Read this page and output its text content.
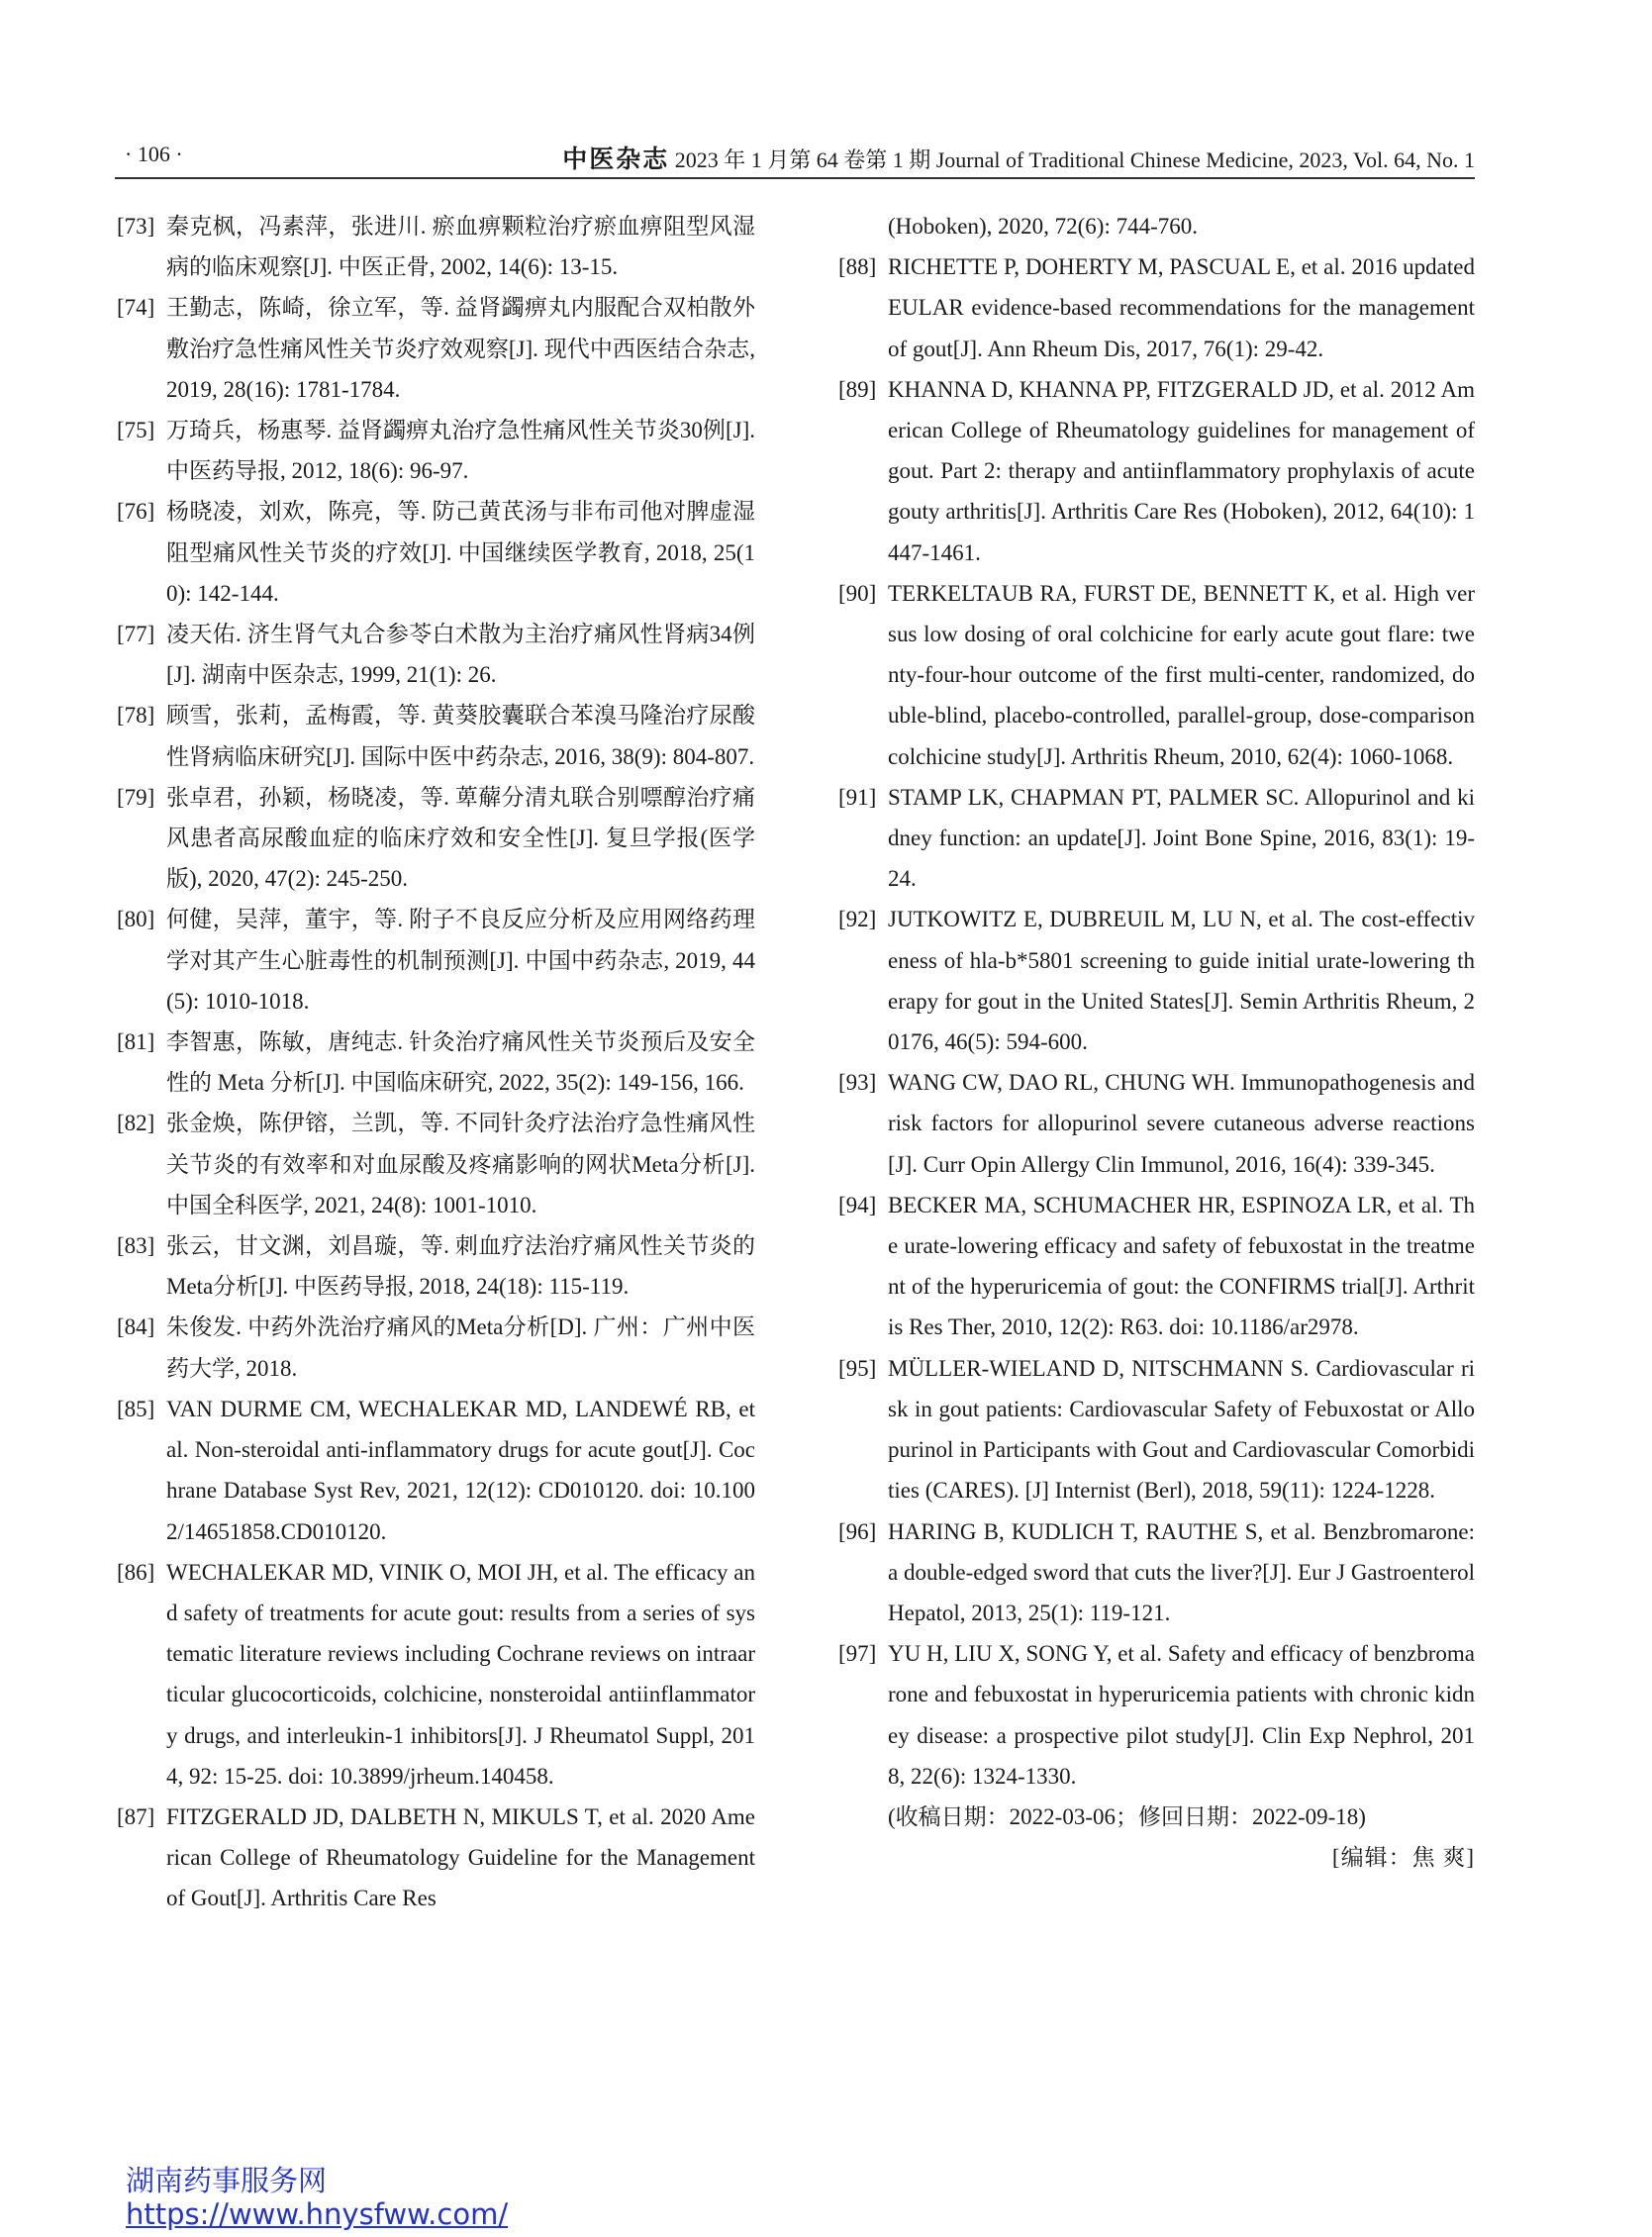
· 106 ·	中医杂志 2023 年 1 月第 64 卷第 1 期 Journal of Traditional Chinese Medicine, 2023, Vol. 64, No. 1
[73] 秦克枫，冯素萍，张进川. 瘀血痹颗粒治疗瘀血痹阻型风湿病的临床观察[J]. 中医正骨, 2002, 14(6): 13-15.
[74] 王勤志，陈崎，徐立军，等. 益肾蠲痹丸内服配合双柏散外敷治疗急性痛风性关节炎疗效观察[J]. 现代中西医结合杂志, 2019, 28(16): 1781-1784.
[75] 万琦兵，杨惠琴. 益肾蠲痹丸治疗急性痛风性关节炎30例[J]. 中医药导报, 2012, 18(6): 96-97.
[76] 杨晓凌，刘欢，陈亮，等. 防己黄芪汤与非布司他对脾虚湿阻型痛风性关节炎的疗效[J]. 中国继续医学教育, 2018, 25(10): 142-144.
[77] 凌天佑. 济生肾气丸合参苓白术散为主治疗痛风性肾病34例[J]. 湖南中医杂志, 1999, 21(1): 26.
[78] 顾雪，张莉，孟梅霞，等. 黄葵胶囊联合苯溴马隆治疗尿酸性肾病临床研究[J]. 国际中医中药杂志, 2016, 38(9): 804-807.
[79] 张卓君，孙颖，杨晓凌，等. 萆薢分清丸联合别嘌醇治疗痛风患者高尿酸血症的临床疗效和安全性[J]. 复旦学报(医学版), 2020, 47(2): 245-250.
[80] 何健，吴萍，董宇，等. 附子不良反应分析及应用网络药理学对其产生心脏毒性的机制预测[J]. 中国中药杂志, 2019, 44(5): 1010-1018.
[81] 李智惠，陈敏，唐纯志. 针灸治疗痛风性关节炎预后及安全性的 Meta 分析[J]. 中国临床研究, 2022, 35(2): 149-156, 166.
[82] 张金焕，陈伊镕，兰凯，等. 不同针灸疗法治疗急性痛风性关节炎的有效率和对血尿酸及疼痛影响的网状Meta分析[J]. 中国全科医学, 2021, 24(8): 1001-1010.
[83] 张云，甘文渊，刘昌璇，等. 刺血疗法治疗痛风性关节炎的Meta分析[J]. 中医药导报, 2018, 24(18): 115-119.
[84] 朱俊发. 中药外洗治疗痛风的Meta分析[D]. 广州：广州中医药大学, 2018.
[85] VAN DURME CM, WECHALEKAR MD, LANDEWÉ RB, et al. Non-steroidal anti-inflammatory drugs for acute gout[J]. Cochrane Database Syst Rev, 2021, 12(12): CD010120. doi: 10.1002/14651858.CD010120.
[86] WECHALEKAR MD, VINIK O, MOI JH, et al. The efficacy and safety of treatments for acute gout: results from a series of systematic literature reviews including Cochrane reviews on intraarticular glucocorticoids, colchicine, nonsteroidal antiinflammatory drugs, and interleukin-1 inhibitors[J]. J Rheumatol Suppl, 2014, 92: 15-25. doi: 10.3899/jrheum.140458.
[87] FITZGERALD JD, DALBETH N, MIKULS T, et al. 2020 American College of Rheumatology Guideline for the Management of Gout[J]. Arthritis Care Res
(Hoboken), 2020, 72(6): 744-760.
[88] RICHETTE P, DOHERTY M, PASCUAL E, et al. 2016 updated EULAR evidence-based recommendations for the management of gout[J]. Ann Rheum Dis, 2017, 76(1): 29-42.
[89] KHANNA D, KHANNA PP, FITZGERALD JD, et al. 2012 American College of Rheumatology guidelines for management of gout. Part 2: therapy and antiinflammatory prophylaxis of acute gouty arthritis[J]. Arthritis Care Res (Hoboken), 2012, 64(10): 1447-1461.
[90] TERKELTAUB RA, FURST DE, BENNETT K, et al. High versus low dosing of oral colchicine for early acute gout flare: twenty-four-hour outcome of the first multi-center, randomized, double-blind, placebo-controlled, parallel-group, dose-comparison colchicine study[J]. Arthritis Rheum, 2010, 62(4): 1060-1068.
[91] STAMP LK, CHAPMAN PT, PALMER SC. Allopurinol and kidney function: an update[J]. Joint Bone Spine, 2016, 83(1): 19-24.
[92] JUTKOWITZ E, DUBREUIL M, LU N, et al. The cost-effectiveness of hla-b*5801 screening to guide initial urate-lowering therapy for gout in the United States[J]. Semin Arthritis Rheum, 20176, 46(5): 594-600.
[93] WANG CW, DAO RL, CHUNG WH. Immunopathogenesis and risk factors for allopurinol severe cutaneous adverse reactions[J]. Curr Opin Allergy Clin Immunol, 2016, 16(4): 339-345.
[94] BECKER MA, SCHUMACHER HR, ESPINOZA LR, et al. The urate-lowering efficacy and safety of febuxostat in the treatment of the hyperuricemia of gout: the CONFIRMS trial[J]. Arthritis Res Ther, 2010, 12(2): R63. doi: 10.1186/ar2978.
[95] MÜLLER-WIELAND D, NITSCHMANN S. Cardiovascular risk in gout patients: Cardiovascular Safety of Febuxostat or Allopurinol in Participants with Gout and Cardiovascular Comorbidities (CARES). [J] Internist (Berl), 2018, 59(11): 1224-1228.
[96] HARING B, KUDLICH T, RAUTHE S, et al. Benzbromarone: a double-edged sword that cuts the liver?[J]. Eur J Gastroenterol Hepatol, 2013, 25(1): 119-121.
[97] YU H, LIU X, SONG Y, et al. Safety and efficacy of benzbromarone and febuxostat in hyperuricemia patients with chronic kidney disease: a prospective pilot study[J]. Clin Exp Nephrol, 2018, 22(6): 1324-1330.
(收稿日期：2022-03-06；修回日期：2022-09-18)
[编辑：焦 爽]
湖南药事服务网
https://www.hnysfww.com/
